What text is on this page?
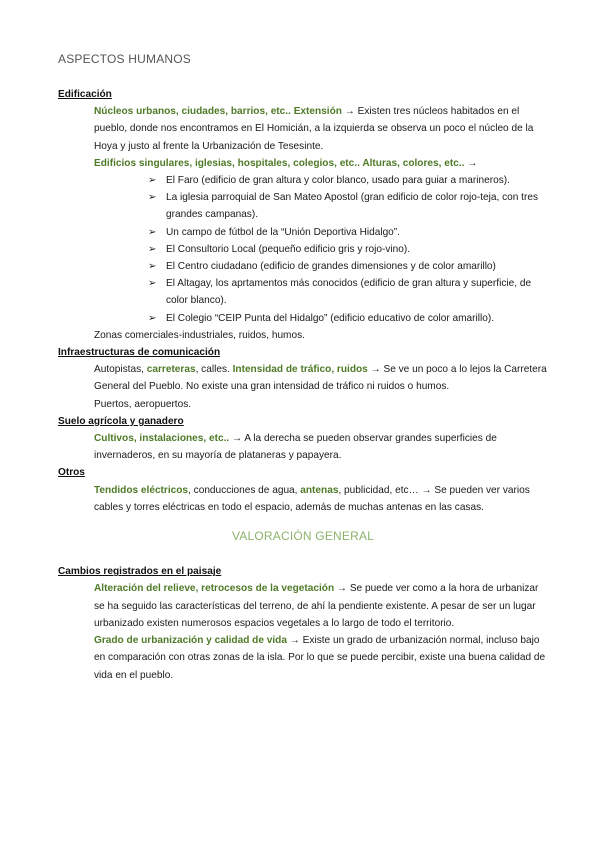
ASPECTOS HUMANOS
Edificación
Núcleos urbanos, ciudades, barrios, etc.. Extensión → Existen tres núcleos habitados en el pueblo, donde nos encontramos en El Homicián, a la izquierda se observa un poco el núcleo de la Hoya y justo al frente la Urbanización de Tesesinte.
Edificios singulares, iglesias, hospitales, colegios, etc.. Alturas, colores, etc.. →
➢ El Faro (edificio de gran altura y color blanco, usado para guiar a marineros).
➢ La iglesia parroquial de San Mateo Apostol (gran edificio de color rojo-teja, con tres grandes campanas).
➢ Un campo de fútbol de la “Unión Deportiva Hidalgo”.
➢ El Consultorio Local (pequeño edificio gris y rojo-vino).
➢ El Centro ciudadano (edificio de grandes dimensiones y de color amarillo)
➢ El Altagay, los aprtamentos más conocidos (edificio de gran altura y superficie, de color blanco).
➢ El Colegio “CEIP Punta del Hidalgo” (edificio educativo de color amarillo).
Zonas comerciales-industriales, ruidos, humos.
Infraestructuras de comunicación
Autopistas, carreteras, calles. Intensidad de tráfico, ruidos → Se ve un poco a lo lejos la Carretera General del Pueblo. No existe una gran intensidad de tráfico ni ruidos o humos.
Puertos, aeropuertos.
Suelo agrícola y ganadero
Cultivos, instalaciones, etc.. → A la derecha se pueden observar grandes superficies de invernaderos, en su mayoría de plataneras y papayera.
Otros
Tendidos eléctricos, conducciones de agua, antenas, publicidad, etc… → Se pueden ver varios cables y torres eléctricas en todo el espacio, además de muchas antenas en las casas.
VALORACIÓN GENERAL
Cambios registrados en el paisaje
Alteración del relieve, retrocesos de la vegetación → Se puede ver como a la hora de urbanizar se ha seguido las características del terreno, de ahí la pendiente existente. A pesar de ser un lugar urbanizado existen numerosos espacios vegetales a lo largo de todo el territorio.
Grado de urbanización y calidad de vida → Existe un grado de urbanización normal, incluso bajo en comparación con otras zonas de la isla. Por lo que se puede percibir, existe una buena calidad de vida en el pueblo.
